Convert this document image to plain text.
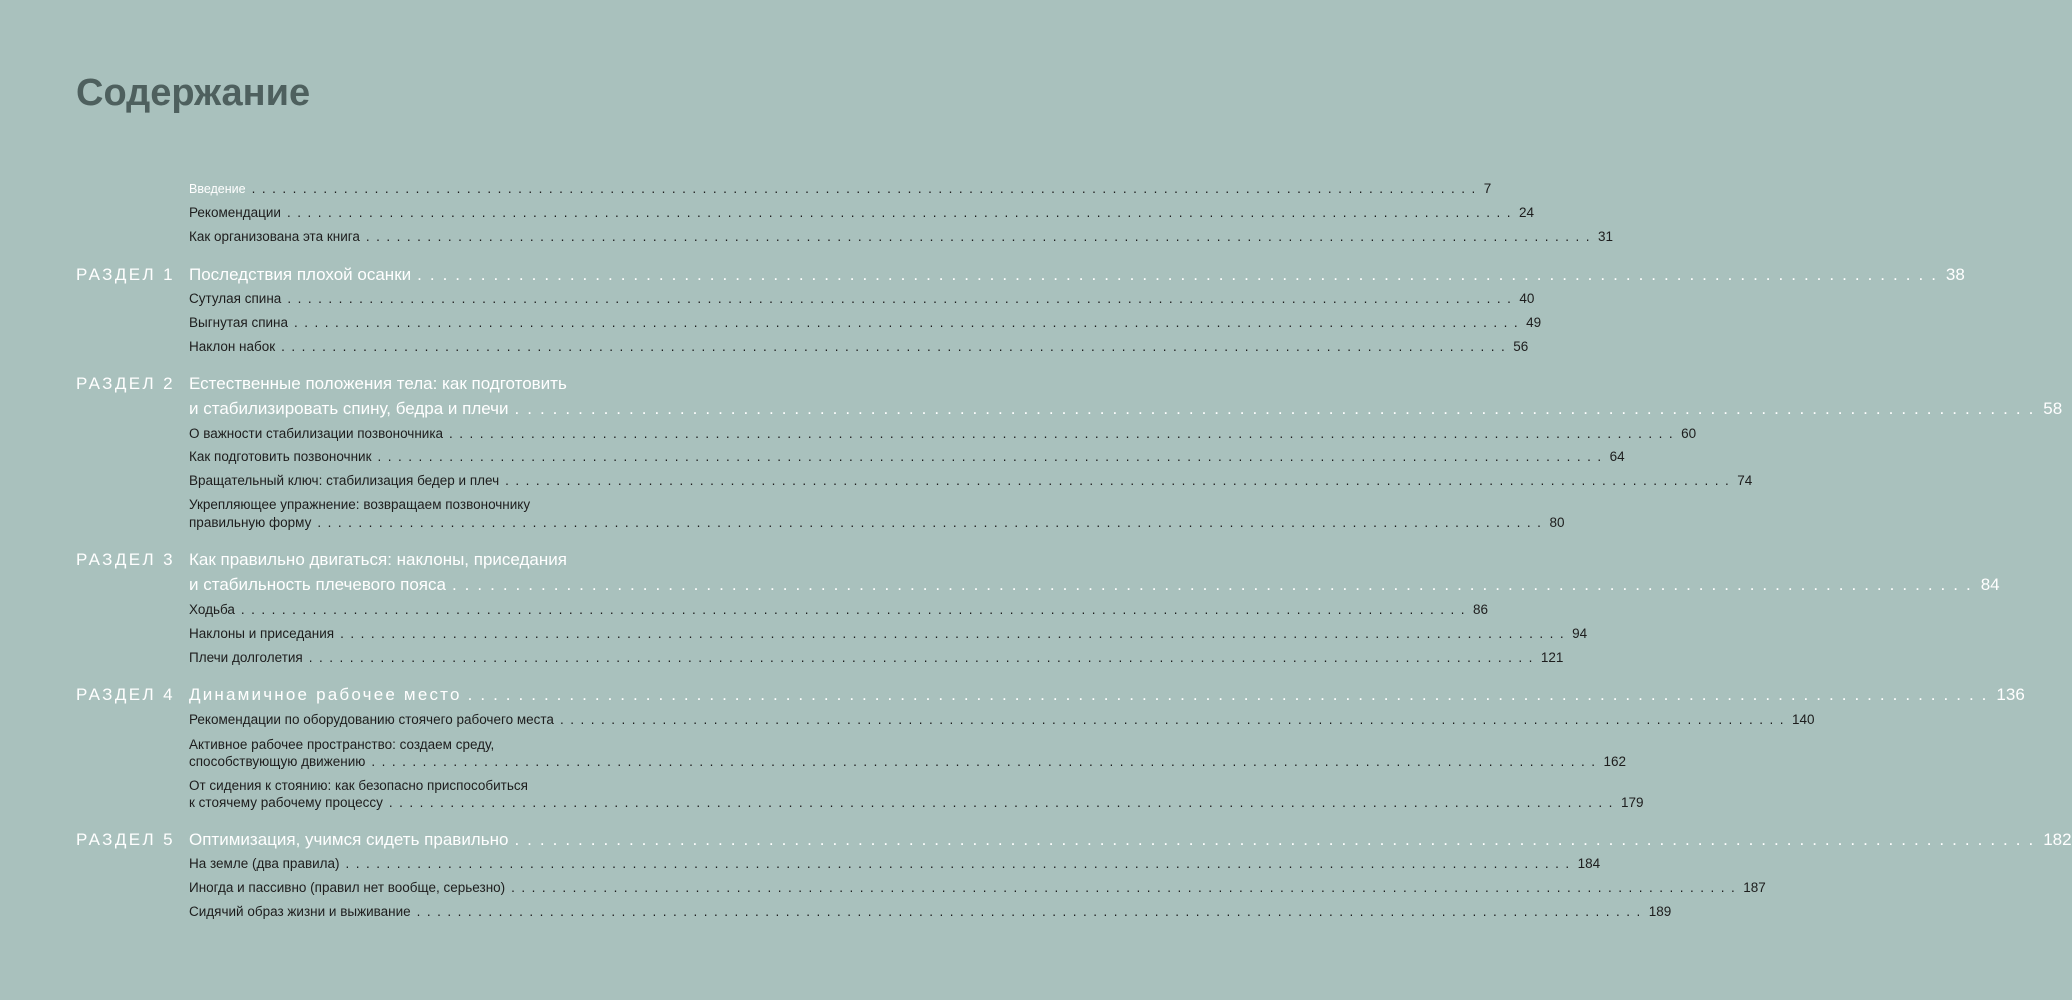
Содержание
Введение ........................................................................................................................ 7
Рекомендации ........................................................................................................................ 24
Как организована эта книга ........................................................................................................................ 31
РАЗДЕЛ 1 Последствия плохой осанки ........................................................................................................................ 38
Сутулая спина ........................................................................................................................ 40
Выгнутая спина ........................................................................................................................ 49
Наклон набок ........................................................................................................................ 56
РАЗДЕЛ 2 Естественные положения тела: как подготовить
и стабилизировать спину, бедра и плечи ........................................................................................................................ 58
О важности стабилизации позвоночника ........................................................................................................................ 60
Как подготовить позвоночник ........................................................................................................................ 64
Вращательный ключ: стабилизация бедер и плеч ........................................................................................................................ 74
Укрепляющее упражнение: возвращаем позвоночнику
правильную форму ........................................................................................................................ 80
РАЗДЕЛ 3 Как правильно двигаться: наклоны, приседания
и стабильность плечевого пояса ........................................................................................................................ 84
Ходьба ........................................................................................................................ 86
Наклоны и приседания ........................................................................................................................ 94
Плечи долголетия ........................................................................................................................ 121
РАЗДЕЛ 4 Динамичное рабочее место ........................................................................................................................ 136
Рекомендации по оборудованию стоячего рабочего места ........................................................................................................................ 140
Активное рабочее пространство: создаем среду,
способствующую движению ........................................................................................................................ 162
От сидения к стоянию: как безопасно приспособиться
к стоячему рабочему процессу ........................................................................................................................ 179
РАЗДЕЛ 5 Оптимизация, учимся сидеть правильно ........................................................................................................................ 182
На земле (два правила) ........................................................................................................................ 184
Иногда и пассивно (правил нет вообще, серьезно) ........................................................................................................................ 187
Сидячий образ жизни и выживание ........................................................................................................................ 189
